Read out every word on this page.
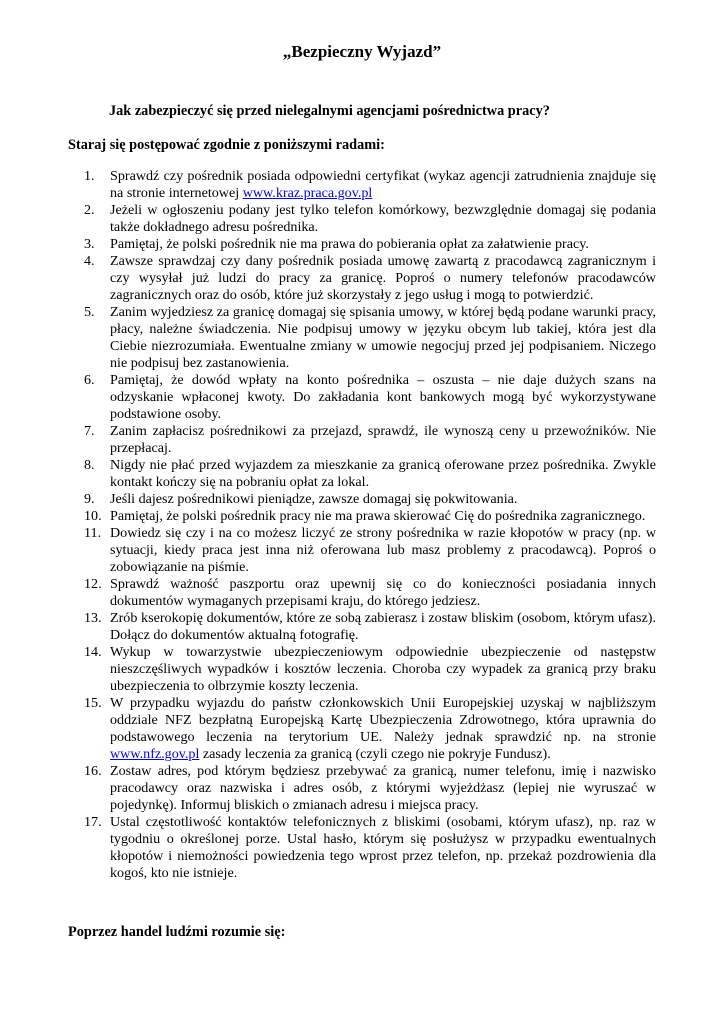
„Bezpieczny Wyjazd”
Jak zabezpieczyć się przed nielegalnymi agencjami pośrednictwa pracy?
Staraj się postępować zgodnie z poniższymi radami:
1.	Sprawdź czy pośrednik posiada odpowiedni certyfikat (wykaz agencji zatrudnienia znajduje się na stronie internetowej www.kraz.praca.gov.pl
2.	Jeżeli w ogłoszeniu podany jest tylko telefon komórkowy, bezwzględnie domagaj się podania także dokładnego adresu pośrednika.
3.	Pamiętaj, że polski pośrednik nie ma prawa do pobierania opłat za załatwienie pracy.
4.	Zawsze sprawdzaj czy dany pośrednik posiada umowę zawartą z pracodawcą zagranicznym i czy wysyłał już ludzi do pracy za granicę. Poproś o numery telefonów pracodawców zagranicznych oraz do osób, które już skorzystały z jego usług i mogą to potwierdzić.
5.	Zanim wyjedziesz za granicę domagaj się spisania umowy, w której będą podane warunki pracy, płacy, należne świadczenia. Nie podpisuj umowy w języku obcym lub takiej, która jest dla Ciebie niezrozumiała. Ewentualne zmiany w umowie negocjuj przed jej podpisaniem. Niczego nie podpisuj bez zastanowienia.
6.	Pamiętaj, że dowód wpłaty na konto pośrednika – oszusta – nie daje dużych szans na odzyskanie wpłaconej kwoty. Do zakładania kont bankowych mogą być wykorzystywane podstawione osoby.
7.	Zanim zapłacisz pośrednikowi za przejazd, sprawdź, ile wynoszą ceny u przewoźników. Nie przepłacaj.
8.	Nigdy nie płać przed wyjazdem za mieszkanie za granicą oferowane przez pośrednika. Zwykle kontakt kończy się na pobraniu opłat za lokal.
9.	Jeśli dajesz pośrednikowi pieniądze, zawsze domagaj się pokwitowania.
10. Pamiętaj, że polski pośrednik pracy nie ma prawa skierować Cię do pośrednika zagranicznego.
11. Dowiedz się czy i na co możesz liczyć ze strony pośrednika w razie kłopotów w pracy (np. w sytuacji, kiedy praca jest inna niż oferowana lub masz problemy z pracodawcą). Poproś o zobowiązanie na piśmie.
12. Sprawdź ważność paszportu oraz upewnij się co do konieczności posiadania innych dokumentów wymaganych przepisami kraju, do którego jedziesz.
13. Zrób kserokopię dokumentów, które ze sobą zabierasz i zostaw bliskim (osobom, którym ufasz). Dołącz do dokumentów aktualną fotografię.
14. Wykup w towarzystwie ubezpieczeniowym odpowiednie ubezpieczenie od następstw nieszczęśliwych wypadków i kosztów leczenia. Choroba czy wypadek za granicą przy braku ubezpieczenia to olbrzymie koszty leczenia.
15. W przypadku wyjazdu do państw członkowskich Unii Europejskiej uzyskaj w najbliższym oddziale NFZ bezpłatną Europejską Kartę Ubezpieczenia Zdrowotnego, która uprawnia do podstawowego leczenia na terytorium UE. Należy jednak sprawdzić np. na stronie www.nfz.gov.pl zasady leczenia za granicą (czyli czego nie pokryje Fundusz).
16. Zostaw adres, pod którym będziesz przebywać za granicą, numer telefonu, imię i nazwisko pracodawcy oraz nazwiska i adres osób, z którymi wyjeżdżasz (lepiej nie wyruszać w pojedynkę). Informuj bliskich o zmianach adresu i miejsca pracy.
17. Ustal częstotliwość kontaktów telefonicznych z bliskimi (osobami, którym ufasz), np. raz w tygodniu o określonej porze. Ustal hasło, którym się posłużysz w przypadku ewentualnych kłopotów i niemożności powiedzenia tego wprost przez telefon, np. przekaż pozdrowienia dla kogoś, kto nie istnieje.
Poprzez handel ludźmi rozumie się:
